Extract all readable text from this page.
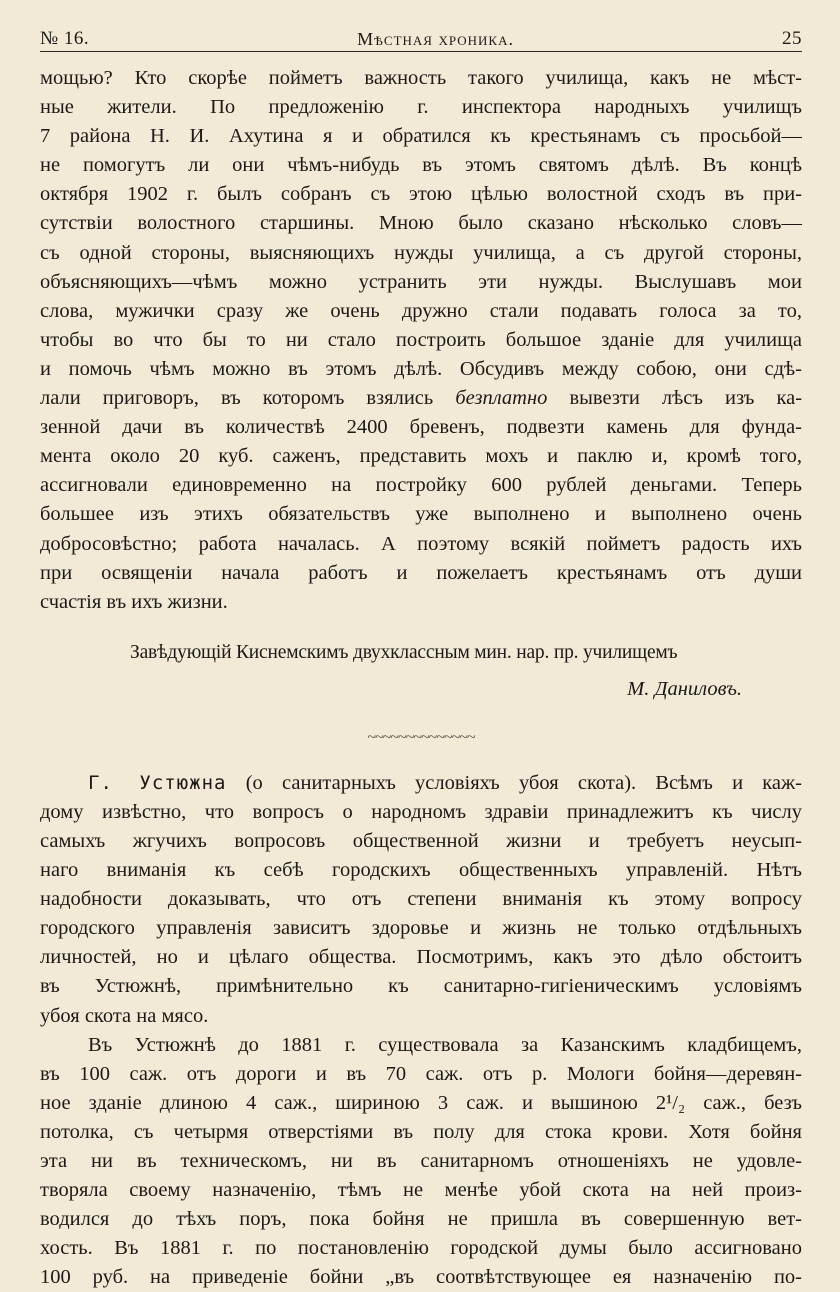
№ 16.	Мѣстная хроника.	25
мощью? Кто скорѣе пойметъ важность такого училища, какъ не мѣст-
ные жители. По предложенію г. инспектора народныхъ училищъ
7 района Н. И. Ахутина я и обратился къ крестьянамъ съ просьбой—
не помогутъ ли они чѣмъ-нибудь въ этомъ святомъ дѣлѣ. Въ концѣ
октября 1902 г. былъ собранъ съ этою цѣлью волостной сходъ въ при-
сутствіи волостного старшины. Мною было сказано нѣсколько словъ—
съ одной стороны, выясняющихъ нужды училища, а съ другой стороны,
объясняющихъ—чѣмъ можно устранить эти нужды. Выслушавъ мои
слова, мужички сразу же очень дружно стали подавать голоса за то,
чтобы во что бы то ни стало построить большое зданіе для училища
и помочь чѣмъ можно въ этомъ дѣлѣ. Обсудивъ между собою, они сдѣ-
лали приговоръ, въ которомъ взялись безплатно вывезти лѣсъ изъ ка-
зенной дачи въ количествѣ 2400 бревенъ, подвезти камень для фунда-
мента около 20 куб. саженъ, представить мохъ и паклю и, кромѣ того,
ассигновали единовременно на постройку 600 рублей деньгами. Теперь
большее изъ этихъ обязательствъ уже выполнено и выполнено очень
добросовѣстно; работа началась. А поэтому всякій пойметъ радость ихъ
при освященіи начала работъ и пожелаетъ крестьянамъ отъ души
счастія въ ихъ жизни.
Завѣдующій Киснемскимъ двухклассным мин. нар. пр. училищемъ
М. Даниловъ.
~~~~~~~~~~~~~~
Г. Устюжна (о санитарныхъ условіяхъ убоя скота). Всѣмъ и каж-
дому извѣстно, что вопросъ о народномъ здравіи принадлежитъ къ числу
самыхъ жгучихъ вопросовъ общественной жизни и требуетъ неусып-
наго вниманія къ себѣ городскихъ общественныхъ управленій. Нѣтъ
надобности доказывать, что отъ степени вниманія къ этому вопросу
городского управленія зависитъ здоровье и жизнь не только отдѣльныхъ
личностей, но и цѣлаго общества. Посмотримъ, какъ это дѣло обстоитъ
въ Устюжнѣ, примѣнительно къ санитарно-гигіеническимъ условіямъ
убоя скота на мясо.
Въ Устюжнѣ до 1881 г. существовала за Казанскимъ кладбищемъ,
въ 100 саж. отъ дороги и въ 70 саж. отъ р. Мологи бойня—деревян-
ное зданіе длиною 4 саж., шириною 3 саж. и вышиною 2¹/₂ саж., безъ
потолка, съ четырмя отверстіями въ полу для стока крови. Хотя бойня
эта ни въ техническомъ, ни въ санитарномъ отношеніяхъ не удовле-
творяла своему назначенію, тѣмъ не менѣе убой скота на ней произ-
водился до тѣхъ поръ, пока бойня не пришла въ совершенную вет-
хость. Въ 1881 г. по постановленію городской думы было ассигновано
100 руб. на приведеніе бойни „въ соотвѣтствующее ея назначенію по-
